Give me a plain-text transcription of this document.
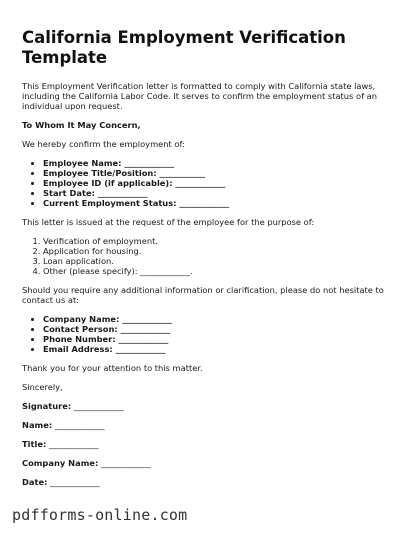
California Employment Verification Template

This Employment Verification letter is formatted to comply with California state laws, including the California Labor Code. It serves to confirm the employment status of an individual upon request.

To Whom It May Concern,

We hereby confirm the employment of:

• Employee Name: ____________
• Employee Title/Position: ___________
• Employee ID (if applicable): ____________
• Start Date: ____________
• Current Employment Status: ____________

This letter is issued at the request of the employee for the purpose of:

1. Verification of employment.
2. Application for housing.
3. Loan application.
4. Other (please specify): ____________.

Should you require any additional information or clarification, please do not hesitate to contact us at:

• Company Name: ____________
• Contact Person: ____________
• Phone Number: ____________
• Email Address: ____________

Thank you for your attention to this matter.

Sincerely,

Signature: ____________
Name: ____________
Title: ____________
Company Name: ____________
Date: ____________
pdfforms-online.com
